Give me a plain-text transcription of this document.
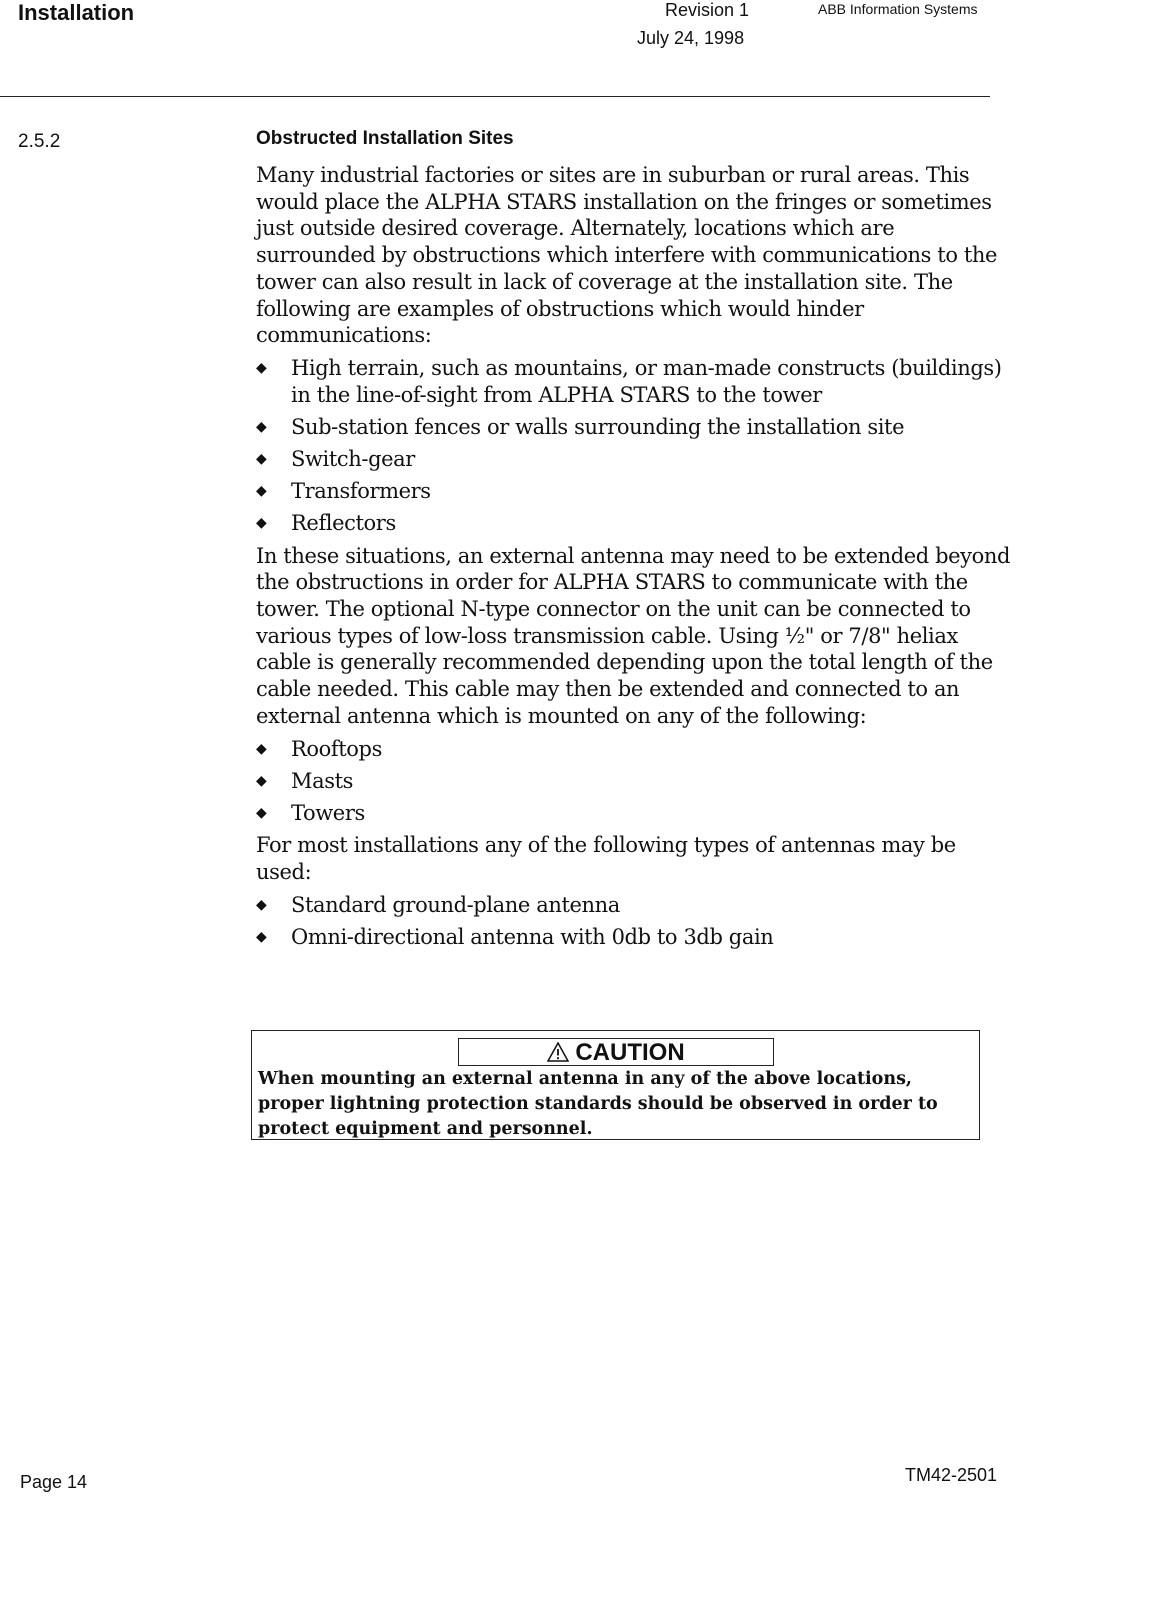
Installation	Revision 1
July 24, 1998
ABB Information Systems
2.5.2	Obstructed Installation Sites

Many industrial factories or sites are in suburban or rural areas. This would place the ALPHA STARS installation on the fringes or sometimes just outside desired coverage. Alternately, locations which are surrounded by obstructions which interfere with communications to the tower can also result in lack of coverage at the installation site. The following are examples of obstructions which would hinder communications:

◆ High terrain, such as mountains, or man-made constructs (buildings) in the line-of-sight from ALPHA STARS to the tower
◆ Sub-station fences or walls surrounding the installation site
◆ Switch-gear
◆ Transformers
◆ Reflectors

In these situations, an external antenna may need to be extended beyond the obstructions in order for ALPHA STARS to communicate with the tower. The optional N-type connector on the unit can be connected to various types of low-loss transmission cable. Using ½" or 7/8" heliax cable is generally recommended depending upon the total length of the cable needed. This cable may then be extended and connected to an external antenna which is mounted on any of the following:

◆ Rooftops
◆ Masts
◆ Towers

For most installations any of the following types of antennas may be used:

◆ Standard ground-plane antenna
◆ Omni-directional antenna with 0db to 3db gain
CAUTION
When mounting an external antenna in any of the above locations, proper lightning protection standards should be observed in order to protect equipment and personnel.
Page 14	TM42-2501
